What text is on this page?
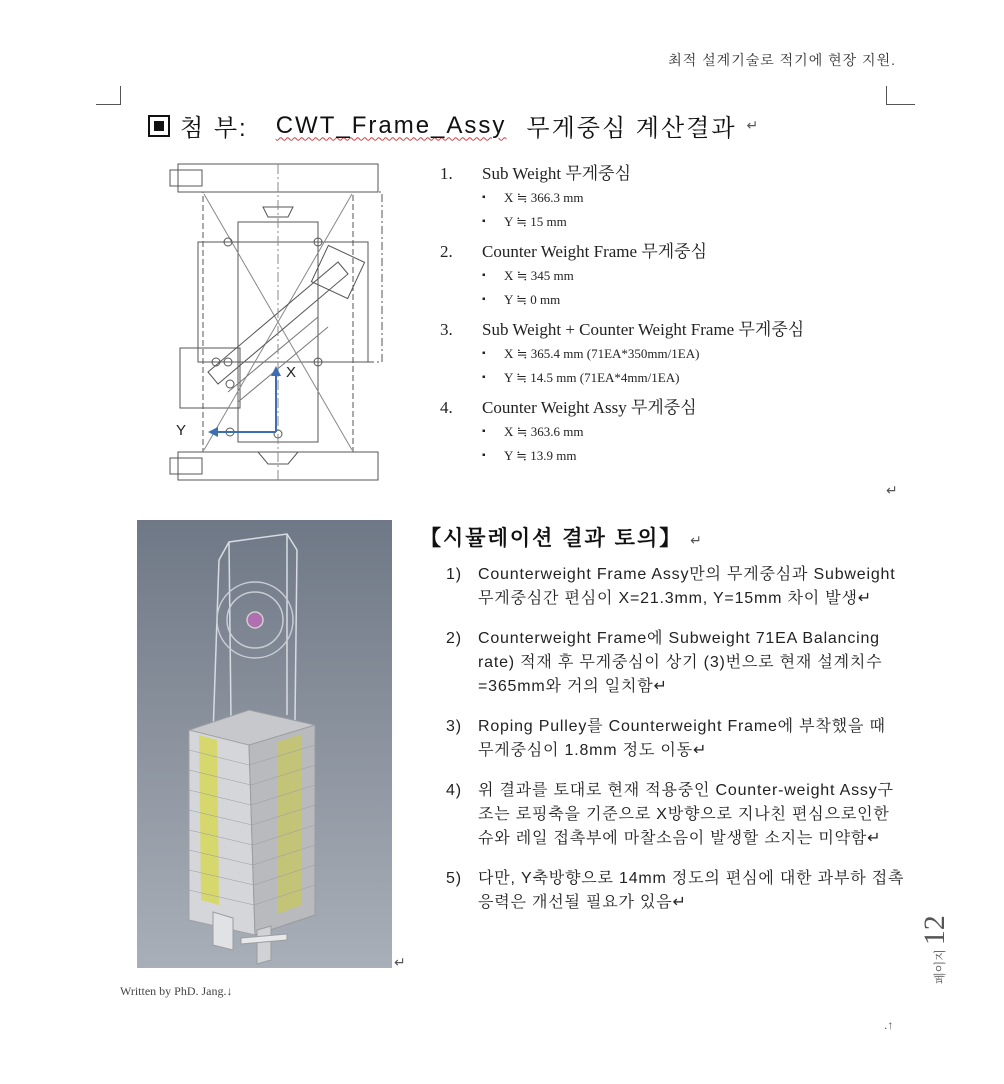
최적 설계기술로 적기에 현장 지원.
첨 부: CWT_Frame_Assy 무게중심 계산결과 ↵
X
Y
1.	Sub Weight 무게중심
▪ X ≒ 366.3 mm
▪ Y ≒ 15 mm
2.	Counter Weight Frame 무게중심
▪ X ≒ 345 mm
▪ Y ≒ 0 mm
3.	Sub Weight + Counter Weight Frame 무게중심
▪ X ≒ 365.4 mm (71EA*350mm/1EA)
▪ Y ≒ 14.5 mm (71EA*4mm/1EA)
4.	Counter Weight Assy 무게중심
▪ X ≒ 363.6 mm
▪ Y ≒ 13.9 mm
↵
↵
【시뮬레이션 결과 토의】 ↵
1)	Counterweight Frame Assy만의 무게중심과 Subweight 무게중심간 편심이 X=21.3mm, Y=15mm 차이 발생↵
2)	Counterweight Frame에 Subweight 71EA Balancing rate) 적재 후 무게중심이 상기 (3)번으로 현재 설계치수=365mm와 거의 일치함↵
3)	Roping Pulley를 Counterweight Frame에 부착했을 때 무게중심이 1.8mm 정도 이동↵
4)	위 결과를 토대로 현재 적용중인 Counter-weight Assy구조는 로핑축을 기준으로 X방향으로 지나친 편심으로인한 슈와 레일 접촉부에 마찰소음이 발생할 소지는 미약함↵
5)	다만, Y축방향으로 14mm 정도의 편심에 대한 과부하 접촉응력은 개선될 필요가 있음↵
Written by PhD. Jang.↓
페이지
12
.↑
